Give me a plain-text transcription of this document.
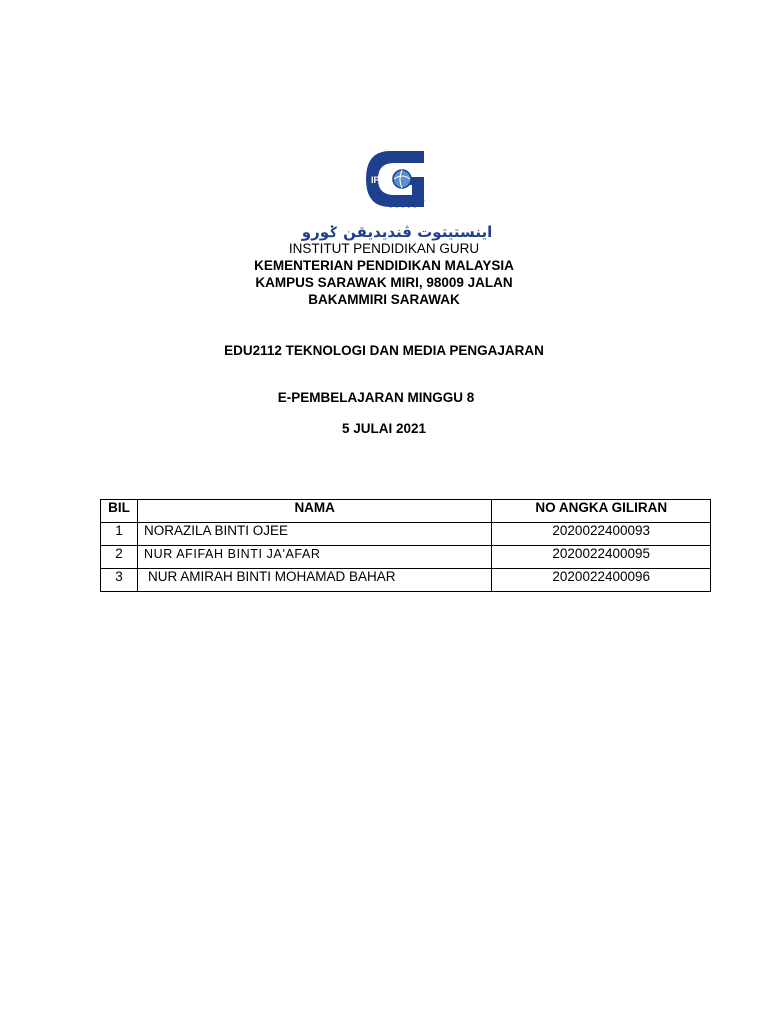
IPG
اينستيتوت ڤنديديقن ݢورو
INSTITUT PENDIDIKAN GURU
KEMENTERIAN PENDIDIKAN MALAYSIA
KAMPUS SARAWAK MIRI, 98009 JALAN
BAKAMMIRI SARAWAK
EDU2112 TEKNOLOGI DAN MEDIA PENGAJARAN
E-PEMBELAJARAN MINGGU 8
5 JULAI 2021
BIL	NAMA	NO ANGKA GILIRAN
1	NORAZILA BINTI OJEE	2020022400093
2	NUR AFIFAH BINTI JA'AFAR	2020022400095
3	NUR AMIRAH BINTI MOHAMAD BAHAR	2020022400096
